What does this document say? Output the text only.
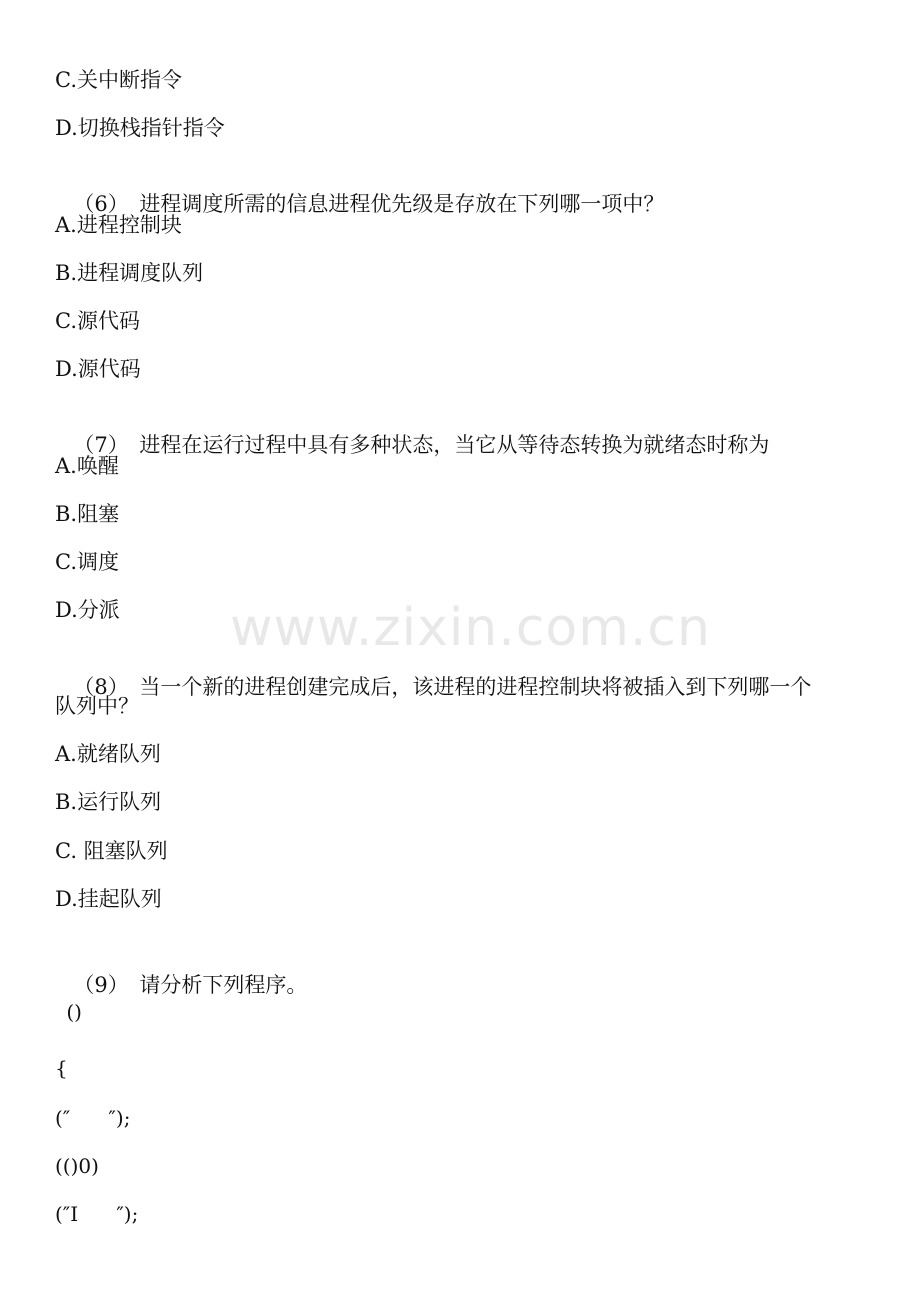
C.关中断指令
D.切换栈指针指令

（6） 进程调度所需的信息进程优先级是存放在下列哪一项中？

A.进程控制块
B.进程调度队列
C.源代码
D.源代码

（7） 进程在运行过程中具有多种状态，当它从等待态转换为就绪态时称为

A.唤醒
B.阻塞
C.调度
D.分派

（8） 当一个新的进程创建完成后，该进程的进程控制块将被插入到下列哪一个

队列中？
A.就绪队列
B.运行队列
C. 阻塞队列
D.挂起队列

（9） 请分析下列程序。

()
{
(″      ″);
(()0)
(″I      ″);
www.zixin.com.cn
